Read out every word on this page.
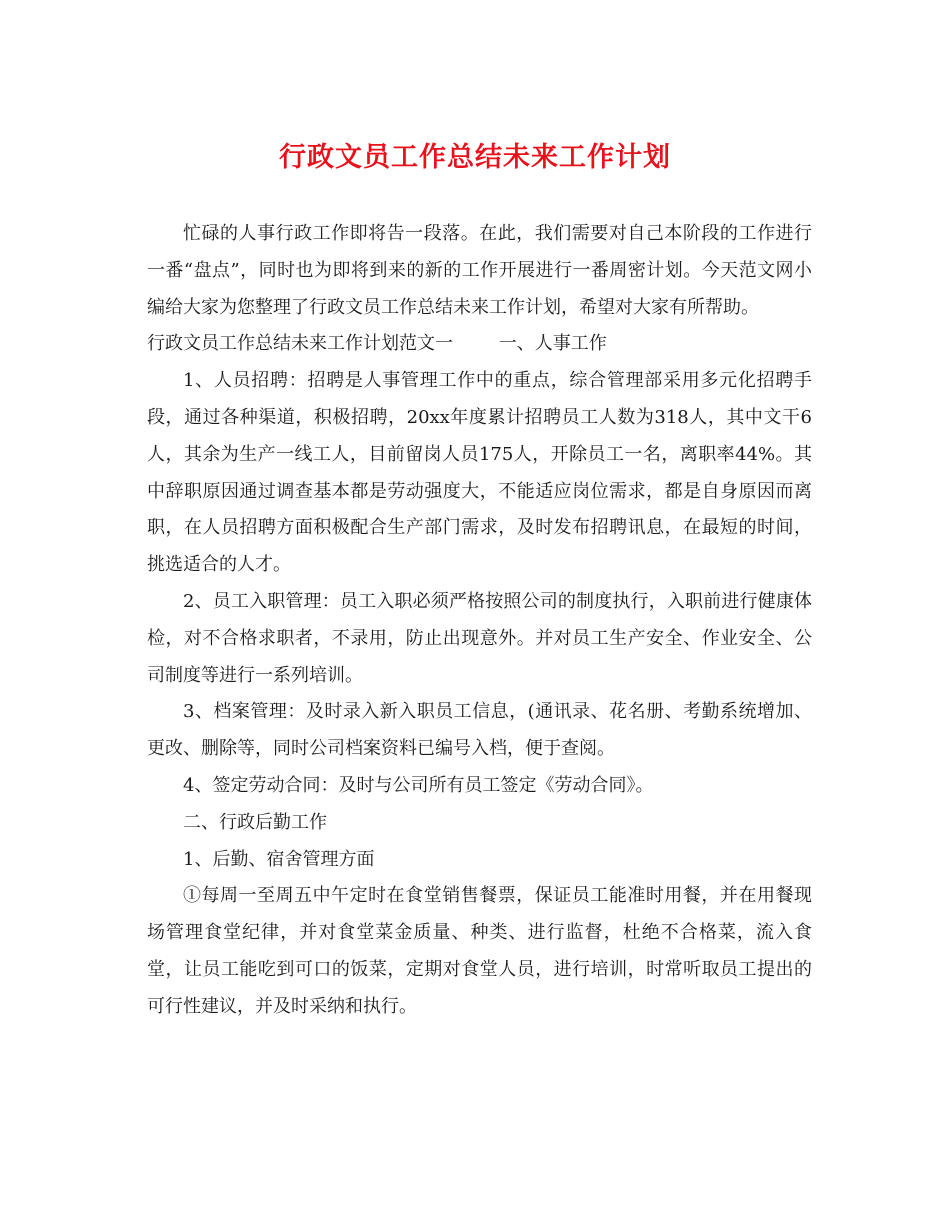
行政文员工作总结未来工作计划

忙碌的人事行政工作即将告一段落。在此，我们需要对自己本阶段的工作进行一番“盘点”，同时也为即将到来的新的工作开展进行一番周密计划。今天范文网小编给大家为您整理了行政文员工作总结未来工作计划，希望对大家有所帮助。

行政文员工作总结未来工作计划范文一        一、人事工作

1、人员招聘：招聘是人事管理工作中的重点，综合管理部采用多元化招聘手段，通过各种渠道，积极招聘，20xx年度累计招聘员工人数为318人，其中文干6人，其余为生产一线工人，目前留岗人员175人，开除员工一名，离职率44%。其中辞职原因通过调查基本都是劳动强度大，不能适应岗位需求，都是自身原因而离职，在人员招聘方面积极配合生产部门需求，及时发布招聘讯息，在最短的时间，挑选适合的人才。

2、员工入职管理：员工入职必须严格按照公司的制度执行，入职前进行健康体检，对不合格求职者，不录用，防止出现意外。并对员工生产安全、作业安全、公司制度等进行一系列培训。

3、档案管理：及时录入新入职员工信息，(通讯录、花名册、考勤系统增加、更改、删除等，同时公司档案资料已编号入档，便于查阅。

4、签定劳动合同：及时与公司所有员工签定《劳动合同》。

二、行政后勤工作

1、后勤、宿舍管理方面

①每周一至周五中午定时在食堂销售餐票，保证员工能准时用餐，并在用餐现场管理食堂纪律，并对食堂菜金质量、种类、进行监督，杜绝不合格菜，流入食堂，让员工能吃到可口的饭菜，定期对食堂人员，进行培训，时常听取员工提出的可行性建议，并及时采纳和执行。
